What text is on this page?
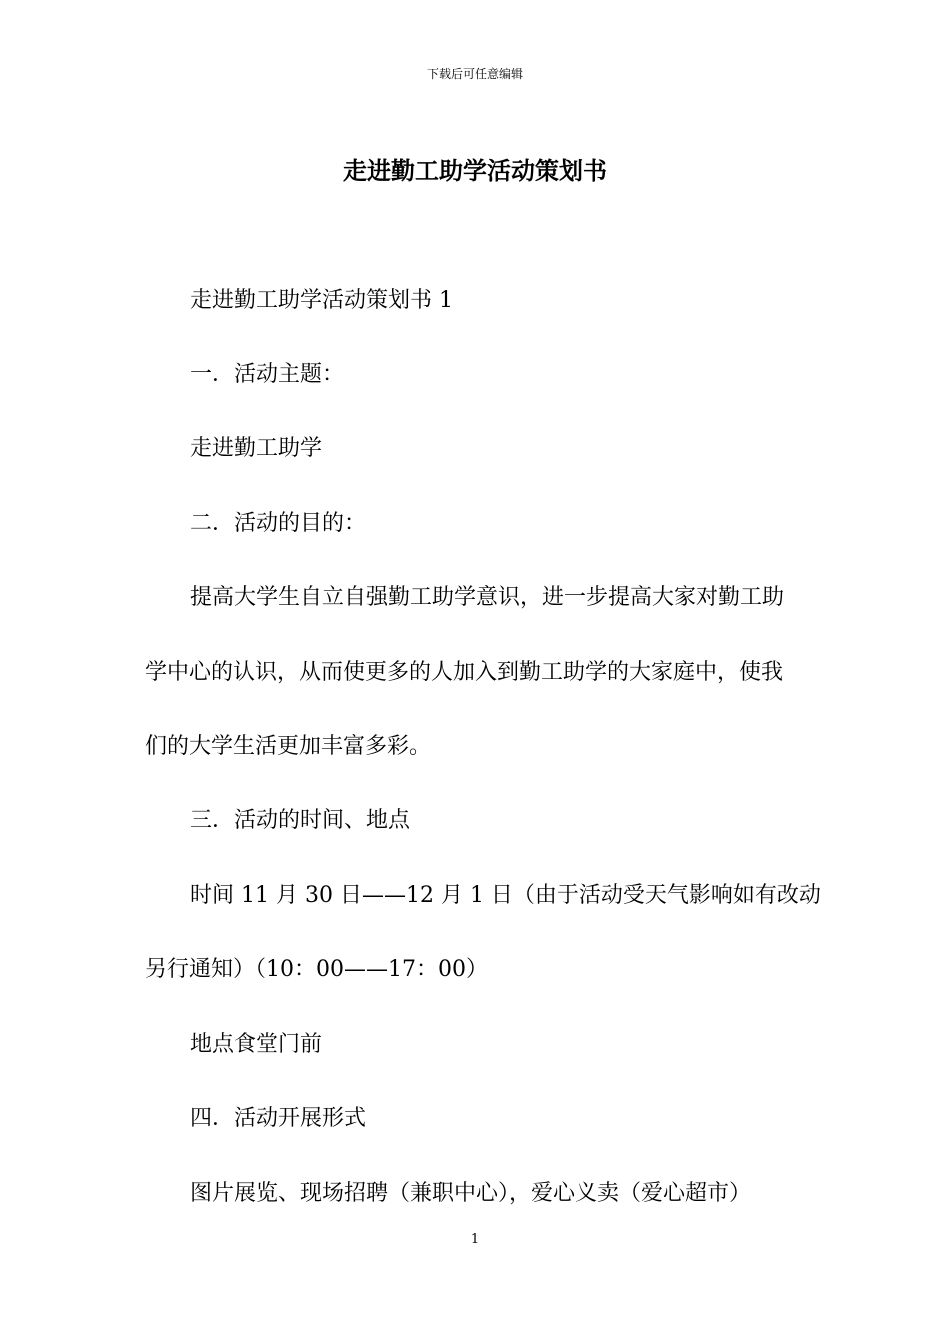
下载后可任意编辑
走进勤工助学活动策划书

走进勤工助学活动策划书 1

一．活动主题：

走进勤工助学

二．活动的目的：

提高大学生自立自强勤工助学意识，进一步提高大家对勤工助

学中心的认识，从而使更多的人加入到勤工助学的大家庭中，使我

们的大学生活更加丰富多彩。

三．活动的时间、地点

时间 11 月 30 日——12 月 1 日（由于活动受天气影响如有改动

另行通知）（10：00——17：00）

地点食堂门前

四．活动开展形式

图片展览、现场招聘（兼职中心），爱心义卖（爱心超市）

1
